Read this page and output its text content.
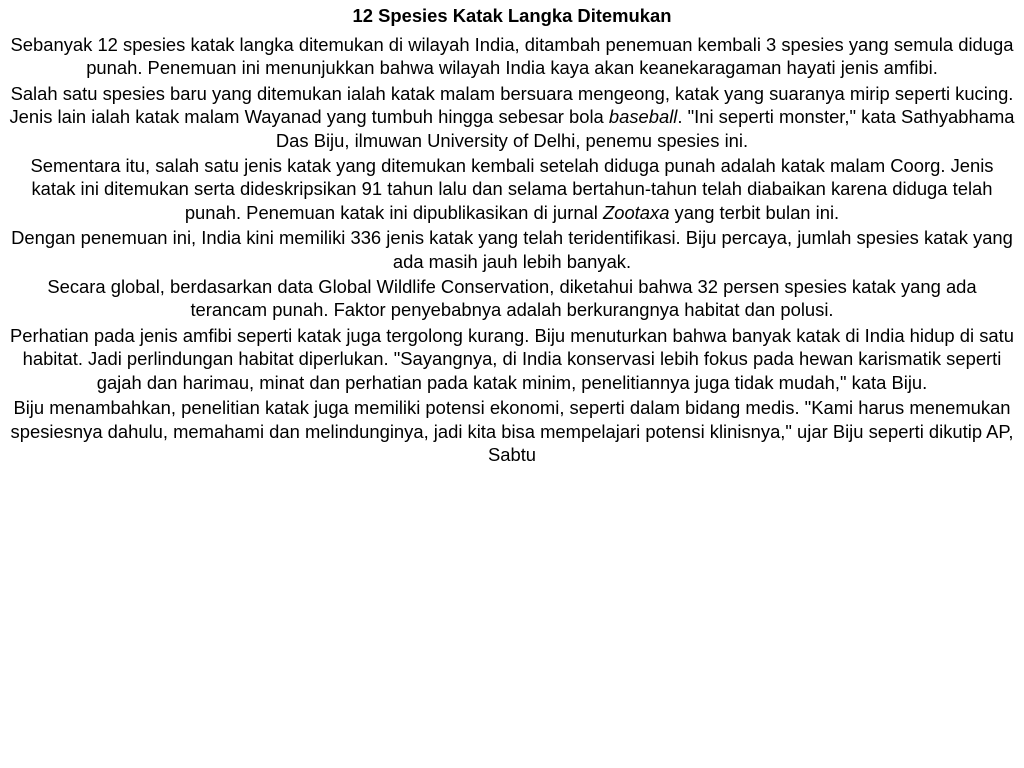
12 Spesies Katak Langka Ditemukan

Sebanyak 12 spesies katak langka ditemukan di wilayah India, ditambah penemuan kembali 3 spesies yang semula diduga punah. Penemuan ini menunjukkan bahwa wilayah India kaya akan keanekaragaman hayati jenis amfibi.

Salah satu spesies baru yang ditemukan ialah katak malam bersuara mengeong, katak yang suaranya mirip seperti kucing. Jenis lain ialah katak malam Wayanad yang tumbuh hingga sebesar bola baseball. "Ini seperti monster," kata Sathyabhama Das Biju, ilmuwan University of Delhi, penemu spesies ini.

Sementara itu, salah satu jenis katak yang ditemukan kembali setelah diduga punah adalah katak malam Coorg. Jenis katak ini ditemukan serta dideskripsikan 91 tahun lalu dan selama bertahun-tahun telah diabaikan karena diduga telah punah. Penemuan katak ini dipublikasikan di jurnal Zootaxa yang terbit bulan ini.

Dengan penemuan ini, India kini memiliki 336 jenis katak yang telah teridentifikasi. Biju percaya, jumlah spesies katak yang ada masih jauh lebih banyak.

Secara global, berdasarkan data Global Wildlife Conservation, diketahui bahwa 32 persen spesies katak yang ada terancam punah. Faktor penyebabnya adalah berkurangnya habitat dan polusi.

Perhatian pada jenis amfibi seperti katak juga tergolong kurang. Biju menuturkan bahwa banyak katak di India hidup di satu habitat. Jadi perlindungan habitat diperlukan. "Sayangnya, di India konservasi lebih fokus pada hewan karismatik seperti gajah dan harimau, minat dan perhatian pada katak minim, penelitiannya juga tidak mudah," kata Biju.

Biju menambahkan, penelitian katak juga memiliki potensi ekonomi, seperti dalam bidang medis. "Kami harus menemukan spesiesnya dahulu, memahami dan melindunginya, jadi kita bisa mempelajari potensi klinisnya," ujar Biju seperti dikutip AP, Sabtu
